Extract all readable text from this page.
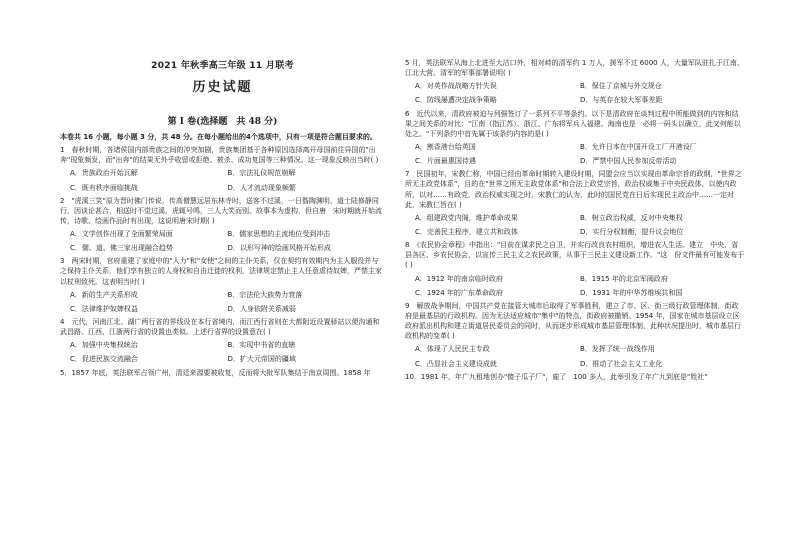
2021 年秋季高三年级 11 月联考
历史试题
第 I 卷(选择题　共 48 分)

本卷共 16 小题，每小题 3 分，共 48 分。在每小题给出的4个选项中，只有一项是符合题目要求的。

1　春秋时期，各诸侯国内部贵族之间的冲突加剧，贵族集团基于各种原因选择离开母国前往异国的"出奔"现象频发，而"出奔"的结果无外乎收留或拒绝、被杀、成功复国等三种情况。这一现象反映出当时( )

A．贵族政治开始瓦解	B．宗法礼仪规范崩解
C．既有秩序面临挑战	D．人才流动现象频繁

2　"虎溪三笑"原为晋时佛门传说，传高僧慧远居东林寺时，送客不过溪，一日偕陶渊明、道士陆修静同行，因谈论甚合，相送时不觉过溪，虎辄号鸣，三人大笑而别。故事本为虚构，但自唐　宋时期就开始流传，诗歌、绘画作品时有出现，这说明唐宋时期( )

A．文学创作出现了全面繁荣局面	B．儒家思想的主流地位受到冲击
C．儒、道、佛三家出现融合趋势	D．以形写神的绘画风格开始形成

3　两宋时期，官府重建了家庭中的"人力"和"女使"之间的主仆关系，仅在契约有效期内为主人服役并与之保持主仆关系，他们享有独立的人身权和自由迁徙的权利，法律规定禁止主人任意虐待奴婢，严禁主家以杖刑致死。这表明当时( )

A．新的生产关系形成	B．宗法伦大族势力衰落
C．法律维护奴婢权益	D．人身依附关系减弱

4　元代，河南江北、湖广两行省的界线设在本行省境内，而江西行省则在大都附近设置驿站以便沟通和武昌路。江西、江浙两行省的设置也类似。上述行省界的设置意在( )

A．加强中央集权统治	B．实现中书省的直辖
C．促进民族交流融合	D．扩大元帝国的疆域

5．1857 年底，英法联军占领广州，清廷来源要被收复，反而将大批军队集结于南京周围。1858 年

5 月，英法联军从海上北进至大沽口外，相对峙的清军约 1 万人，援军不过 6000 人，大量军队驻扎于江南、江北大营。清军的军事部署说明( )

A．对英作战战略方针失误	B．保住了京城与外交规仓
C．防线屡遭决定战争策略	D．与英存在较大军事差距

6　近代以来，清政府被迫与列强签订了一系列不平等条约。以下是清政府在谈判过程中所能做到的内容和结果之间关系的对比："江南（指江苏）、浙江、广东将军兵入福建、海南也是　必将一码头以确立，此又何能以处之。"下列条约中首先属于该条约内容的是( )

A．割香港台给英国	B．允许日本在中国开设工厂开港设厂
C．片面最惠国待遇	D．严禁中国人民参加反帝活动

7　民国初年，宋教仁称，中国已经由革命时期转入建设时期，同盟会应当以实现由革命宗旨的政纲，"世界之所无主政党体系"，目的在"世界之所无主政党体系"和合法上政党宗旨，政治权威集于中央民政体，以使内政　所，以对……有政党，政治权威实现之时，宋教仁的认为，此时的国民党在日后实现民主政治中……一定对此，宋教仁旨在( )

A．组建政党内阁，维护革命成果	B．树立政治权威，反对中央集权
C．完善民主程序，建立共和政体	D．实行分权制衡，提升议会地位

8　《农民协会章程》中指出："目前在谋求民之自卫，并实行改良农村组织，增进农人生活。建立　中央、省县各区、乡农民协会，以宣传三民主义之农民政策，从事于三民主义建设新工作。"这　份文件最有可能发布于( )

A．1912 年的南京临时政府	B．1915 年的北京军阀政府
C．1924 年的广东革命政府	D．1931 年的中华苏维埃共和国

9　解放战争期间，中国共产党在接管大城市后取得了军事胜利，建立了市、区、街三级行政管理体制，街政府是最基层的行政机构。因为无法适应城市"集中"的特点，街政府被撤销。1954 年，国家在城市基层设立区政府派出机构和建立街道居民委员会的同时，从而逐步形成城市基层管理体制，此种状况提出时，城市基层行政机构的变革( )

A．体现了人民民主专政	B．发挥了统一战线作用
C．凸显社会主义建设成就	D．推动了社会主义工业化

10．1981 年，年广九租地创办"傻子瓜子厂"，雇了　100 多人，此举引发了年广九到底是"姓社"
